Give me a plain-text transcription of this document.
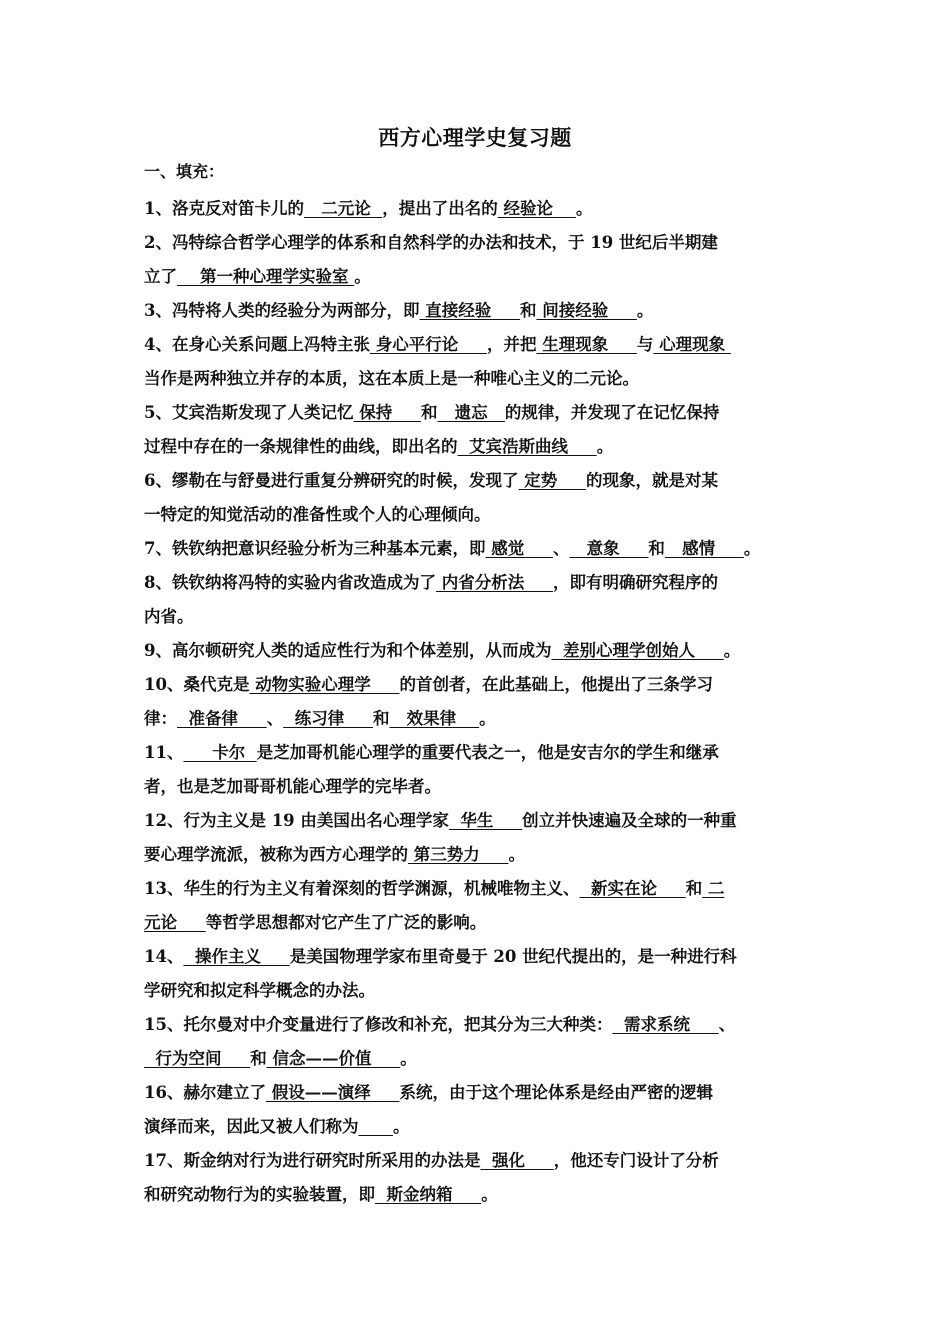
西方心理学史复习题
一、填充：
1、洛克反对笛卡儿的   二元论  ，提出了出名的 经验论    。
2、冯特综合哲学心理学的体系和自然科学的办法和技术，于 19 世纪后半期建
立了    第一种心理学实验室 。
3、冯特将人类的经验分为两部分，即 直接经验     和 间接经验     。
4、在身心关系问题上冯特主张 身心平行论     ，并把 生理现象     与 心理现象
当作是两种独立并存的本质，这在本质上是一种唯心主义的二元论。
5、艾宾浩斯发现了人类记忆 保持     和   遗忘   的规律，并发现了在记忆保持
过程中存在的一条规律性的曲线，即出名的  艾宾浩斯曲线     。
6、缪勒在与舒曼进行重复分辨研究的时候，发现了 定势     的现象，就是对某
一特定的知觉活动的准备性或个人的心理倾向。
7、铁钦纳把意识经验分析为三种基本元素，即 感觉     、   意象     和   感情     。
8、铁钦纳将冯特的实验内省改造成为了 内省分析法     ，即有明确研究程序的
内省。
9、高尔顿研究人类的适应性行为和个体差别，从而成为  差别心理学创始人     。
10、桑代克是 动物实验心理学     的首创者，在此基础上，他提出了三条学习
律：  准备律     、  练习律     和   效果律    。
11、     卡尔  是芝加哥机能心理学的重要代表之一，他是安吉尔的学生和继承
者，也是芝加哥哥机能心理学的完毕者。
12、行为主义是 19 由美国出名心理学家  华生     创立并快速遍及全球的一种重
要心理学流派，被称为西方心理学的 第三势力     。
13、华生的行为主义有着深刻的哲学渊源，机械唯物主义、  新实在论     和 二
元论     等哲学思想都对它产生了广泛的影响。
14、  操作主义     是美国物理学家布里奇曼于 20 世纪代提出的，是一种进行科
学研究和拟定科学概念的办法。
15、托尔曼对中介变量进行了修改和补充，把其分为三大种类：  需求系统     、
行为空间     和 信念——价值     。
16、赫尔建立了 假设——演绎     系统，由于这个理论体系是经由严密的逻辑
演绎而来，因此又被人们称为 。
17、斯金纳对行为进行研究时所采用的办法是  强化     ，他还专门设计了分析
和研究动物行为的实验装置，即  斯金纳箱     。
